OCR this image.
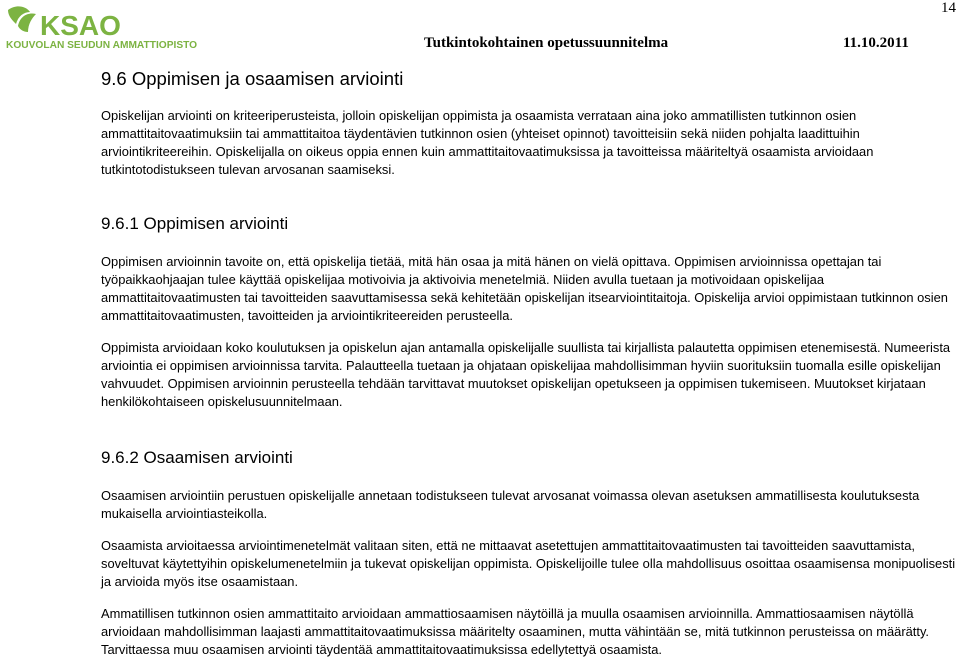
KSAO
KOUVOLAN SEUDUN AMMATTIOPISTO
14
Tutkintokohtainen opetussuunnitelma	11.10.2011
9.6 Oppimisen ja osaamisen arviointi

Opiskelijan arviointi on kriteeriperusteista, jolloin opiskelijan oppimista ja osaamista verrataan aina joko ammatillisten tutkinnon osien ammattitaitovaatimuksiin tai ammattitaitoa täydentävien tutkinnon osien (yhteiset opinnot) tavoitteisiin sekä niiden pohjalta laadittuihin arviointikriteereihin. Opiskelijalla on oikeus oppia ennen kuin ammattitaitovaatimuksissa ja tavoitteissa määriteltyä osaamista arvioidaan tutkintotodistukseen tulevan arvosanan saamiseksi.

9.6.1 Oppimisen arviointi

Oppimisen arvioinnin tavoite on, että opiskelija tietää, mitä hän osaa ja mitä hänen on vielä opittava. Oppimisen arvioinnissa opettajan tai työpaikkaohjaajan tulee käyttää opiskelijaa motivoivia ja aktivoivia menetelmiä. Niiden avulla tuetaan ja motivoidaan opiskelijaa ammattitaitovaatimusten tai tavoitteiden saavuttamisessa sekä kehitetään opiskelijan itsearviointitaitoja. Opiskelija arvioi oppimistaan tutkinnon osien ammattitaitovaatimusten, tavoitteiden ja arviointikriteereiden perusteella.

Oppimista arvioidaan koko koulutuksen ja opiskelun ajan antamalla opiskelijalle suullista tai kirjallista palautetta oppimisen etenemisestä. Numeerista arviointia ei oppimisen arvioinnissa tarvita. Palautteella tuetaan ja ohjataan opiskelijaa mahdollisimman hyviin suorituksiin tuomalla esille opiskelijan vahvuudet. Oppimisen arvioinnin perusteella tehdään tarvittavat muutokset opiskelijan opetukseen ja oppimisen tukemiseen. Muutokset kirjataan henkilökohtaiseen opiskelusuunnitelmaan.

9.6.2 Osaamisen arviointi

Osaamisen arviointiin perustuen opiskelijalle annetaan todistukseen tulevat arvosanat voimassa olevan asetuksen ammatillisesta koulutuksesta mukaisella arviointiasteikolla.

Osaamista arvioitaessa arviointimenetelmät valitaan siten, että ne mittaavat asetettujen ammattitaitovaatimusten tai tavoitteiden saavuttamista, soveltuvat käytettyihin opiskelumenetelmiin ja tukevat opiskelijan oppimista. Opiskelijoille tulee olla mahdollisuus osoittaa osaamisensa monipuolisesti ja arvioida myös itse osaamistaan.

Ammatillisen tutkinnon osien ammattitaito arvioidaan ammattiosaamisen näytöillä ja muulla osaamisen arvioinnilla. Ammattiosaamisen näytöllä arvioidaan mahdollisimman laajasti ammattitaitovaatimuksissa määritelty osaaminen, mutta vähintään se, mitä tutkinnon perusteissa on määrätty. Tarvittaessa muu osaamisen arviointi täydentää ammattitaitovaatimuksissa edellytettyä osaamista.
